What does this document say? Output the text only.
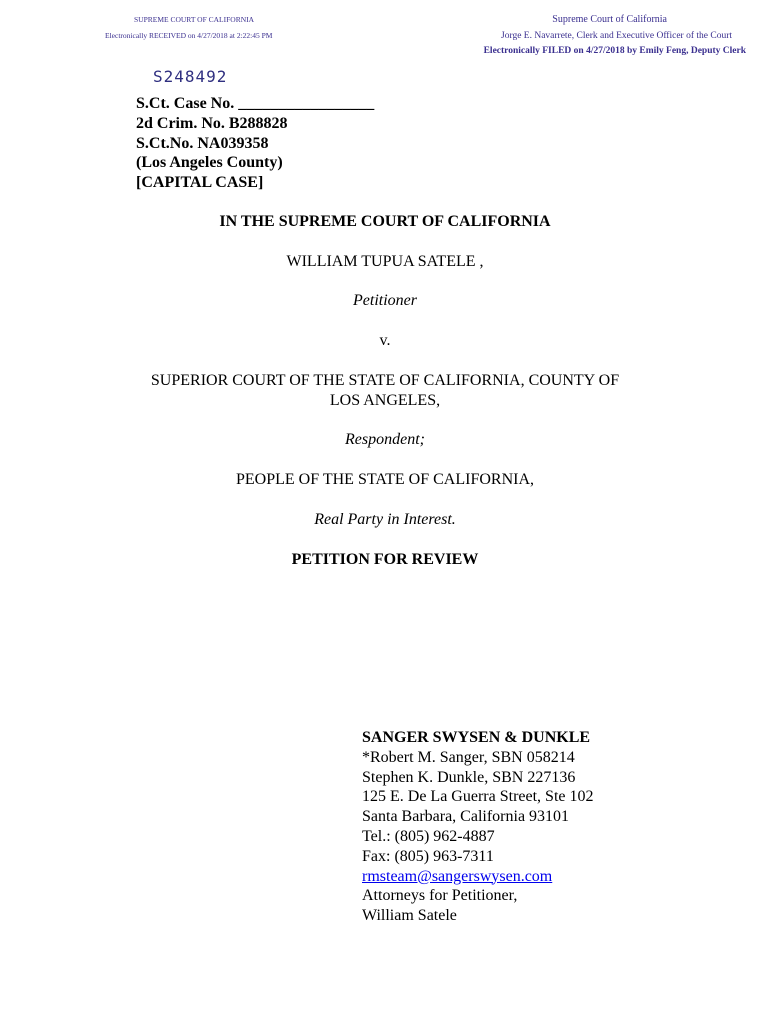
SUPREME COURT OF CALIFORNIA
Electronically RECEIVED on 4/27/2018 at 2:22:45 PM
Supreme Court of California
Jorge E. Navarrete, Clerk and Executive Officer of the Court
Electronically FILED on 4/27/2018 by Emily Feng, Deputy Clerk
S248492
S.Ct. Case No. _________________
2d Crim. No. B288828
S.Ct.No. NA039358
(Los Angeles County)
[CAPITAL CASE]
IN THE SUPREME COURT OF CALIFORNIA
WILLIAM TUPUA SATELE ,
Petitioner
v.
SUPERIOR COURT OF THE STATE OF CALIFORNIA, COUNTY OF
LOS ANGELES,
Respondent;
PEOPLE OF THE STATE OF CALIFORNIA,
Real Party in Interest.
PETITION FOR REVIEW
SANGER SWYSEN & DUNKLE
*Robert M. Sanger, SBN 058214
Stephen K. Dunkle, SBN 227136
125 E. De La Guerra Street, Ste 102
Santa Barbara, California 93101
Tel.: (805) 962-4887
Fax: (805) 963-7311
rmsteam@sangerswysen.com
Attorneys for Petitioner,
William Satele
